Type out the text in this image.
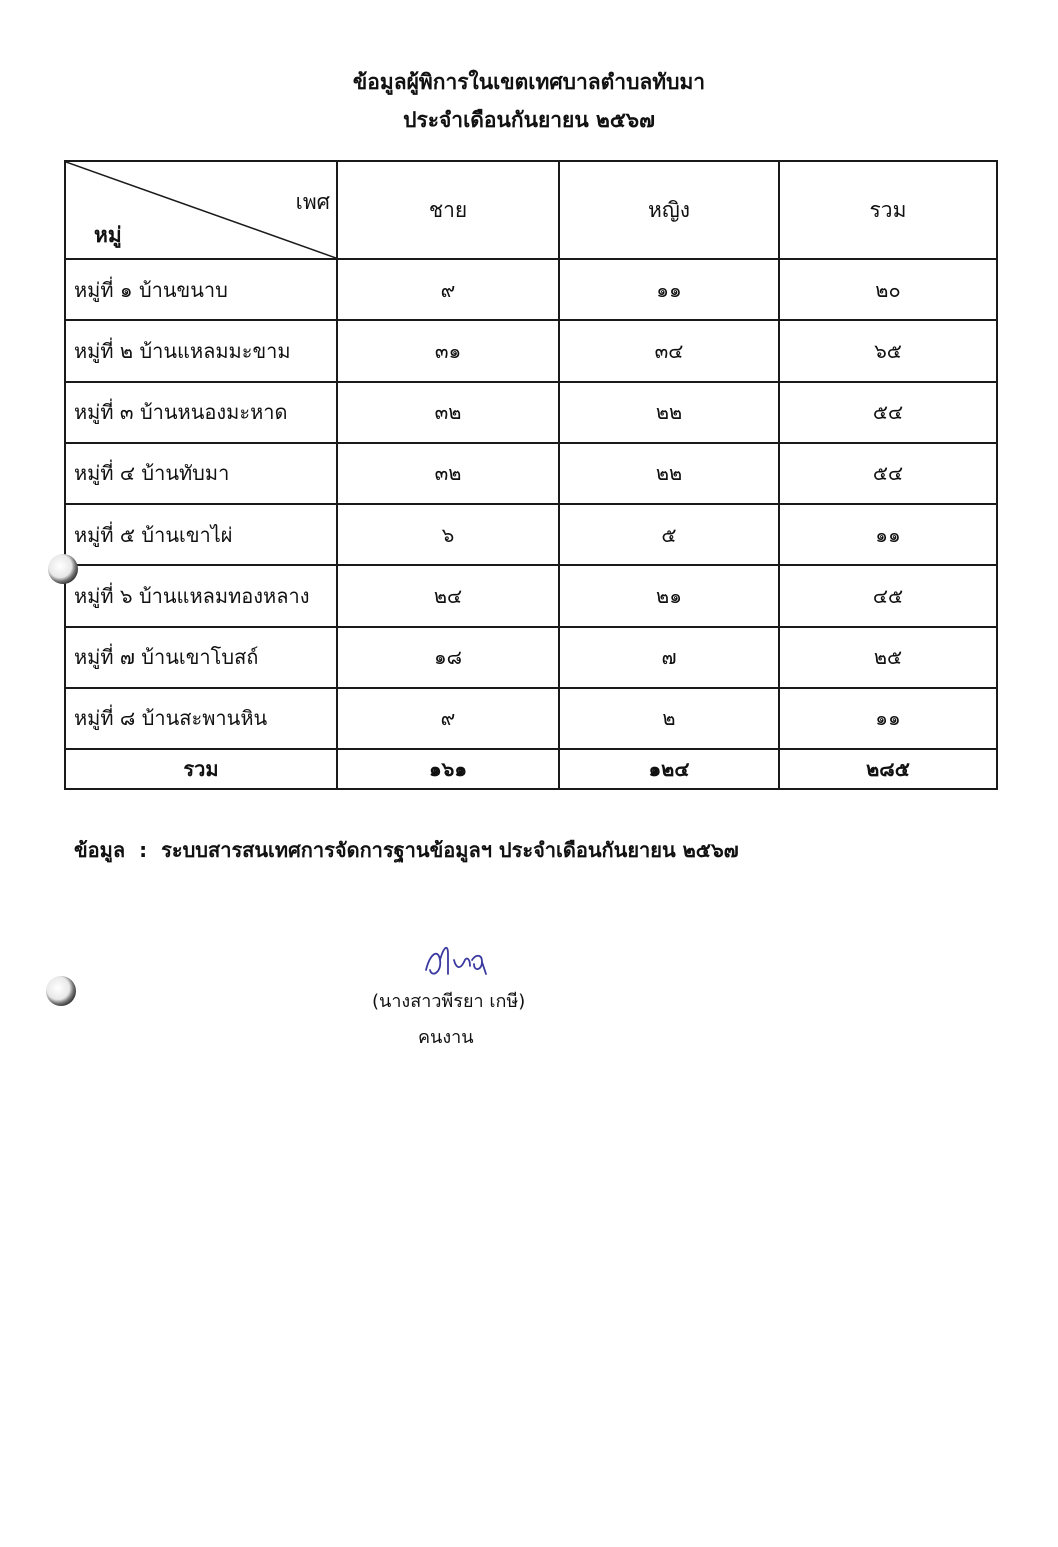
ข้อมูลผู้พิการในเขตเทศบาลตำบลทับมา
ประจำเดือนกันยายน ๒๕๖๗
เพศ
หมู่	ชาย	หญิง	รวม
หมู่ที่ ๑ บ้านขนาบ	๙	๑๑	๒๐
หมู่ที่ ๒ บ้านแหลมมะขาม	๓๑	๓๔	๖๕
หมู่ที่ ๓ บ้านหนองมะหาด	๓๒	๒๒	๕๔
หมู่ที่ ๔ บ้านทับมา	๓๒	๒๒	๕๔
หมู่ที่ ๕ บ้านเขาไผ่	๖	๕	๑๑
หมู่ที่ ๖ บ้านแหลมทองหลาง	๒๔	๒๑	๔๕
หมู่ที่ ๗ บ้านเขาโบสถ์	๑๘	๗	๒๕
หมู่ที่ ๘ บ้านสะพานหิน	๙	๒	๑๑
รวม	๑๖๑	๑๒๔	๒๘๕
ข้อมูล : ระบบสารสนเทศการจัดการฐานข้อมูลฯ ประจำเดือนกันยายน ๒๕๖๗
(นางสาวพีรยา เกษี)
คนงาน
